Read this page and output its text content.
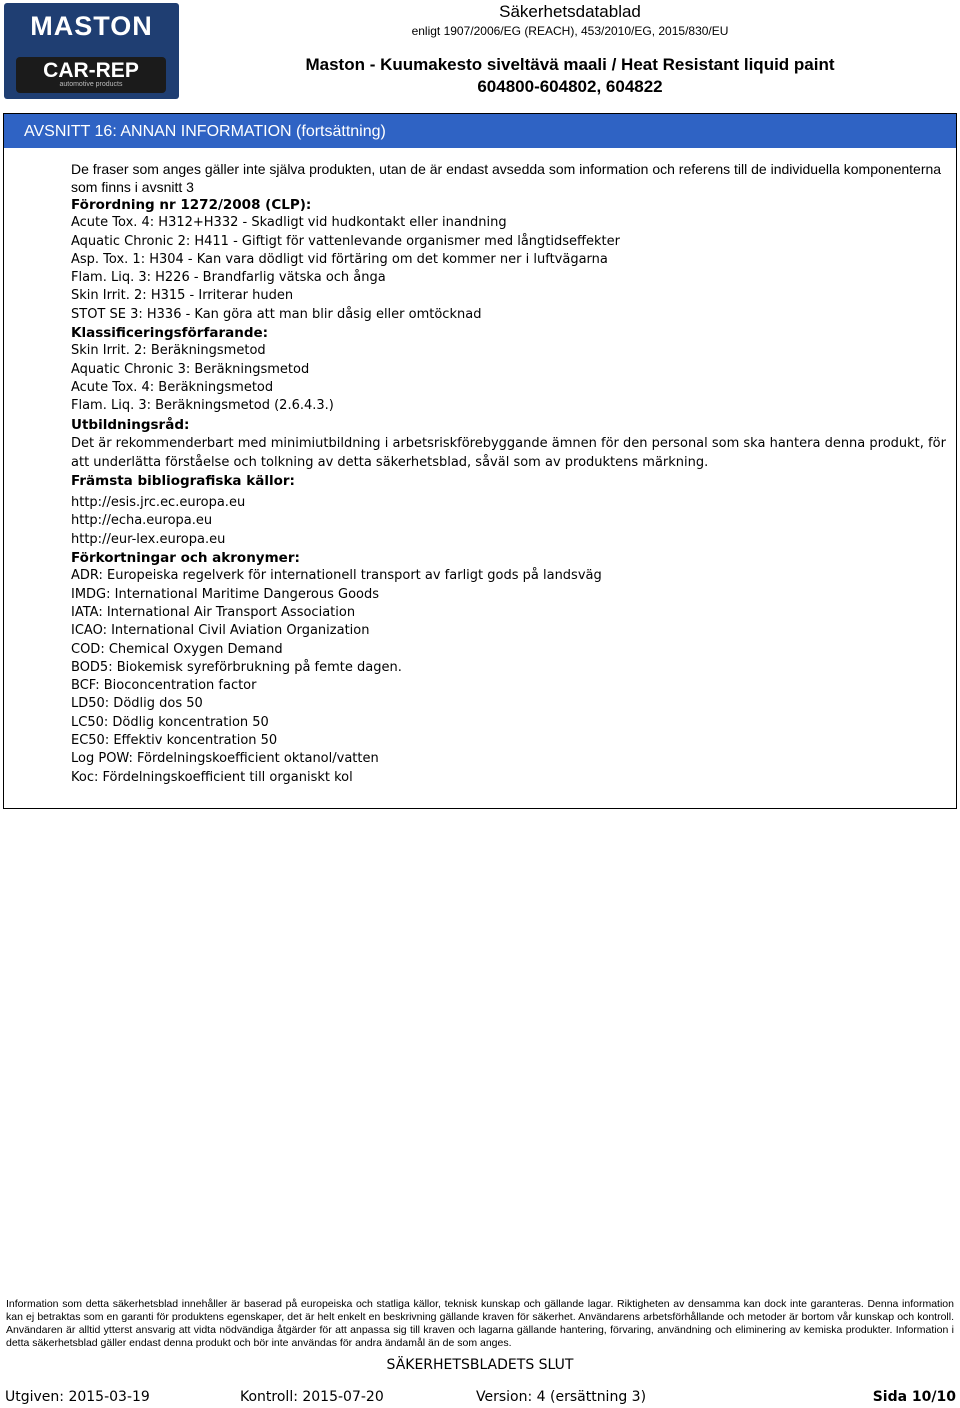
MASTON
CAR-REP
automotive products
Säkerhetsdatablad
enligt 1907/2006/EG (REACH), 453/2010/EG, 2015/830/EU
Maston - Kuumakesto siveltävä maali / Heat Resistant liquid paint
604800-604802, 604822
AVSNITT 16: ANNAN INFORMATION (fortsättning)

De fraser som anges gäller inte själva produkten, utan de är endast avsedda som information och referens till de individuella komponenterna som finns i avsnitt 3

Förordning nr 1272/2008 (CLP):
Acute Tox. 4: H312+H332 - Skadligt vid hudkontakt eller inandning
Aquatic Chronic 2: H411 - Giftigt för vattenlevande organismer med långtidseffekter
Asp. Tox. 1: H304 - Kan vara dödligt vid förtäring om det kommer ner i luftvägarna
Flam. Liq. 3: H226 - Brandfarlig vätska och ånga
Skin Irrit. 2: H315 - Irriterar huden
STOT SE 3: H336 - Kan göra att man blir dåsig eller omtöcknad
Klassificeringsförfarande:
Skin Irrit. 2: Beräkningsmetod
Aquatic Chronic 3: Beräkningsmetod
Acute Tox. 4: Beräkningsmetod
Flam. Liq. 3: Beräkningsmetod (2.6.4.3.)
Utbildningsråd:
Det är rekommenderbart med minimiutbildning i arbetsriskförebyggande ämnen för den personal som ska hantera denna produkt, för att underlätta förståelse och tolkning av detta säkerhetsblad, såväl som av produktens märkning.
Främsta bibliografiska källor:
http://esis.jrc.ec.europa.eu
http://echa.europa.eu
http://eur-lex.europa.eu
Förkortningar och akronymer:
ADR: Europeiska regelverk för internationell transport av farligt gods på landsväg
IMDG: International Maritime Dangerous Goods
IATA: International Air Transport Association
ICAO: International Civil Aviation Organization
COD: Chemical Oxygen Demand
BOD5: Biokemisk syreförbrukning på femte dagen.
BCF: Bioconcentration factor
LD50: Dödlig dos 50
LC50: Dödlig koncentration 50
EC50: Effektiv koncentration 50
Log POW: Fördelningskoefficient oktanol/vatten
Koc: Fördelningskoefficient till organiskt kol
Information som detta säkerhetsblad innehåller är baserad på europeiska och statliga källor, teknisk kunskap och gällande lagar. Riktigheten av densamma kan dock inte garanteras. Denna information kan ej betraktas som en garanti för produktens egenskaper, det är helt enkelt en beskrivning gällande kraven för säkerhet. Användarens arbetsförhållande och metoder är bortom vår kunskap och kontroll. Användaren är alltid ytterst ansvarig att vidta nödvändiga åtgärder för att anpassa sig till kraven och lagarna gällande hantering, förvaring, användning och eliminering av kemiska produkter. Information i detta säkerhetsblad gäller endast denna produkt och bör inte användas för andra ändamål än de som anges.
SÄKERHETSBLADETS SLUT
Utgiven: 2015-03-19	Kontroll: 2015-07-20	Version: 4 (ersättning 3)	Sida 10/10
